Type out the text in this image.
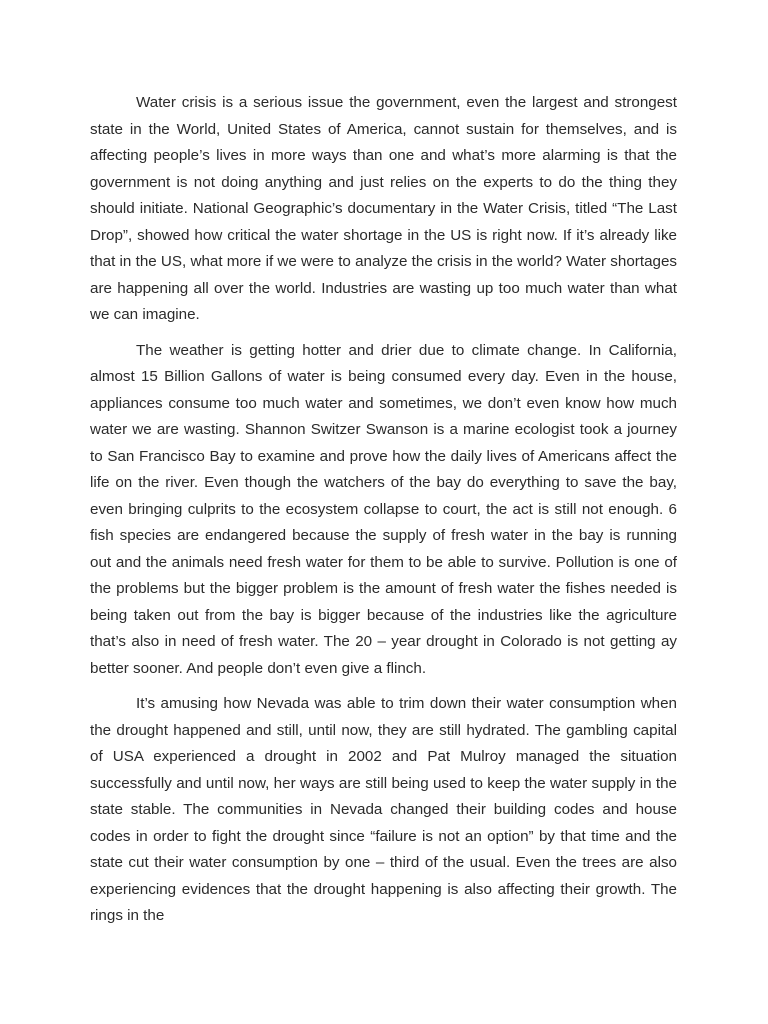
Water crisis is a serious issue the government, even the largest and strongest state in the World, United States of America, cannot sustain for themselves, and is affecting people’s lives in more ways than one and what’s more alarming is that the government is not doing anything and just relies on the experts to do the thing they should initiate. National Geographic’s documentary in the Water Crisis, titled “The Last Drop”, showed how critical the water shortage in the US is right now. If it’s already like that in the US, what more if we were to analyze the crisis in the world? Water shortages are happening all over the world. Industries are wasting up too much water than what we can imagine.

The weather is getting hotter and drier due to climate change. In California, almost 15 Billion Gallons of water is being consumed every day. Even in the house, appliances consume too much water and sometimes, we don’t even know how much water we are wasting. Shannon Switzer Swanson is a marine ecologist took a journey to San Francisco Bay to examine and prove how the daily lives of Americans affect the life on the river. Even though the watchers of the bay do everything to save the bay, even bringing culprits to the ecosystem collapse to court, the act is still not enough. 6 fish species are endangered because the supply of fresh water in the bay is running out and the animals need fresh water for them to be able to survive. Pollution is one of the problems but the bigger problem is the amount of fresh water the fishes needed is being taken out from the bay is bigger because of the industries like the agriculture that’s also in need of fresh water. The 20 – year drought in Colorado is not getting ay better sooner. And people don’t even give a flinch.

It’s amusing how Nevada was able to trim down their water consumption when the drought happened and still, until now, they are still hydrated. The gambling capital of USA experienced a drought in 2002 and Pat Mulroy managed the situation successfully and until now, her ways are still being used to keep the water supply in the state stable. The communities in Nevada changed their building codes and house codes in order to fight the drought since “failure is not an option” by that time and the state cut their water consumption by one – third of the usual. Even the trees are also experiencing evidences that the drought happening is also affecting their growth. The rings in the
